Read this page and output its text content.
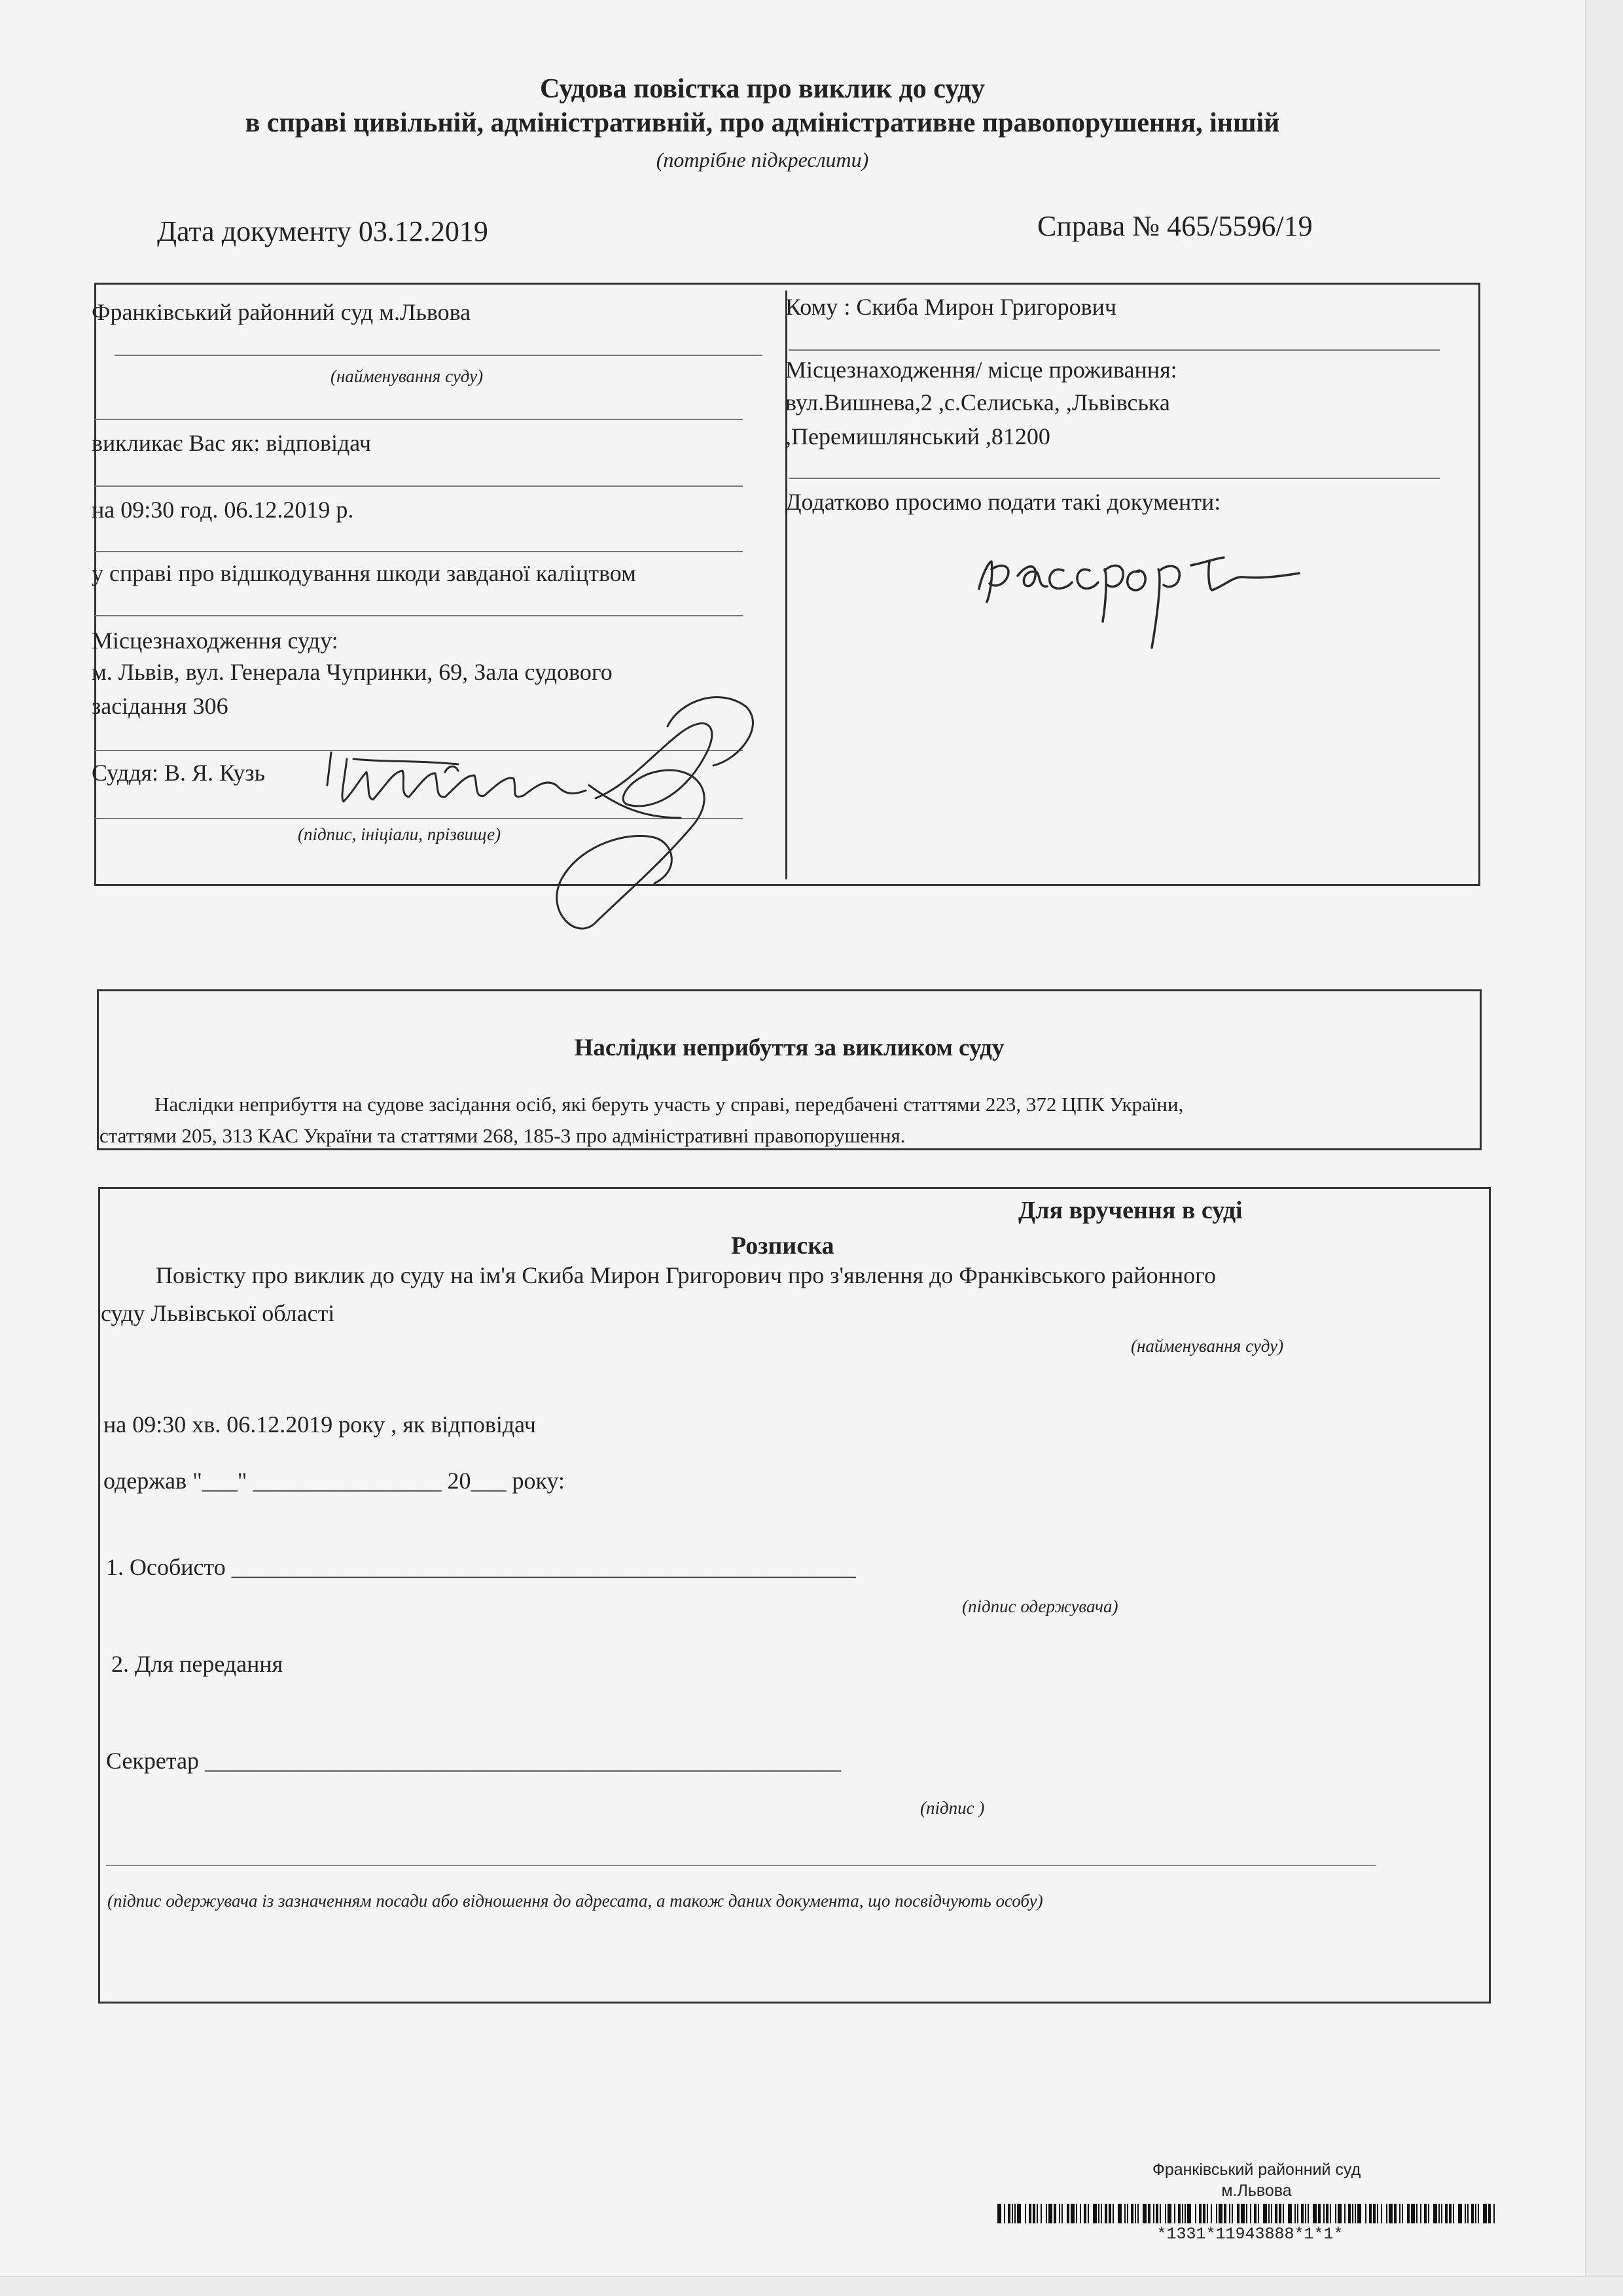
Судова повістка про виклик до суду
в справі цивільній, адміністративній, про адміністративне правопорушення, іншій
(потрібне підкреслити)
Дата документу 03.12.2019	Справа № 465/5596/19
Франківський районний суд м.Львова
(найменування суду)
викликає Вас як: відповідач
на 09:30 год. 06.12.2019 р.
у справі про відшкодування шкоди завданої каліцтвом
Місцезнаходження суду:
м. Львів, вул. Генерала Чупринки, 69, Зала судового
засідання 306
Суддя: В. Я. Кузь
(підпис, ініціали, прізвище)
Кому : Скиба Мирон Григорович
Місцезнаходження/ місце проживання:
вул.Вишнева,2 ,с.Селиська, ,Львівська
,Перемишлянський ,81200
Додатково просимо подати такі документи:
Наслідки неприбуття за викликом суду
Наслідки неприбуття на судове засідання осіб, які беруть участь у справі, передбачені статтями 223, 372 ЦПК України,
статтями 205, 313 КАС України та статтями 268, 185-3 про адміністративні правопорушення.
Для вручення в суді
Розписка
Повістку про виклик до суду на ім'я Скиба Мирон Григорович про з'явлення до Франківського районного
суду Львівської області
(найменування суду)
на 09:30 хв. 06.12.2019 року , як відповідач
одержав "___" ________________ 20___ року:
1. Особисто _____________________________________________________
(підпис одержувача)
2. Для передання
Секретар ______________________________________________________
(підпис )
(підпис одержувача із зазначенням посади або відношення до адресата, а також даних документа, що посвідчують особу)
Франківський районний суд
м.Львова
*1331*11943888*1*1*
